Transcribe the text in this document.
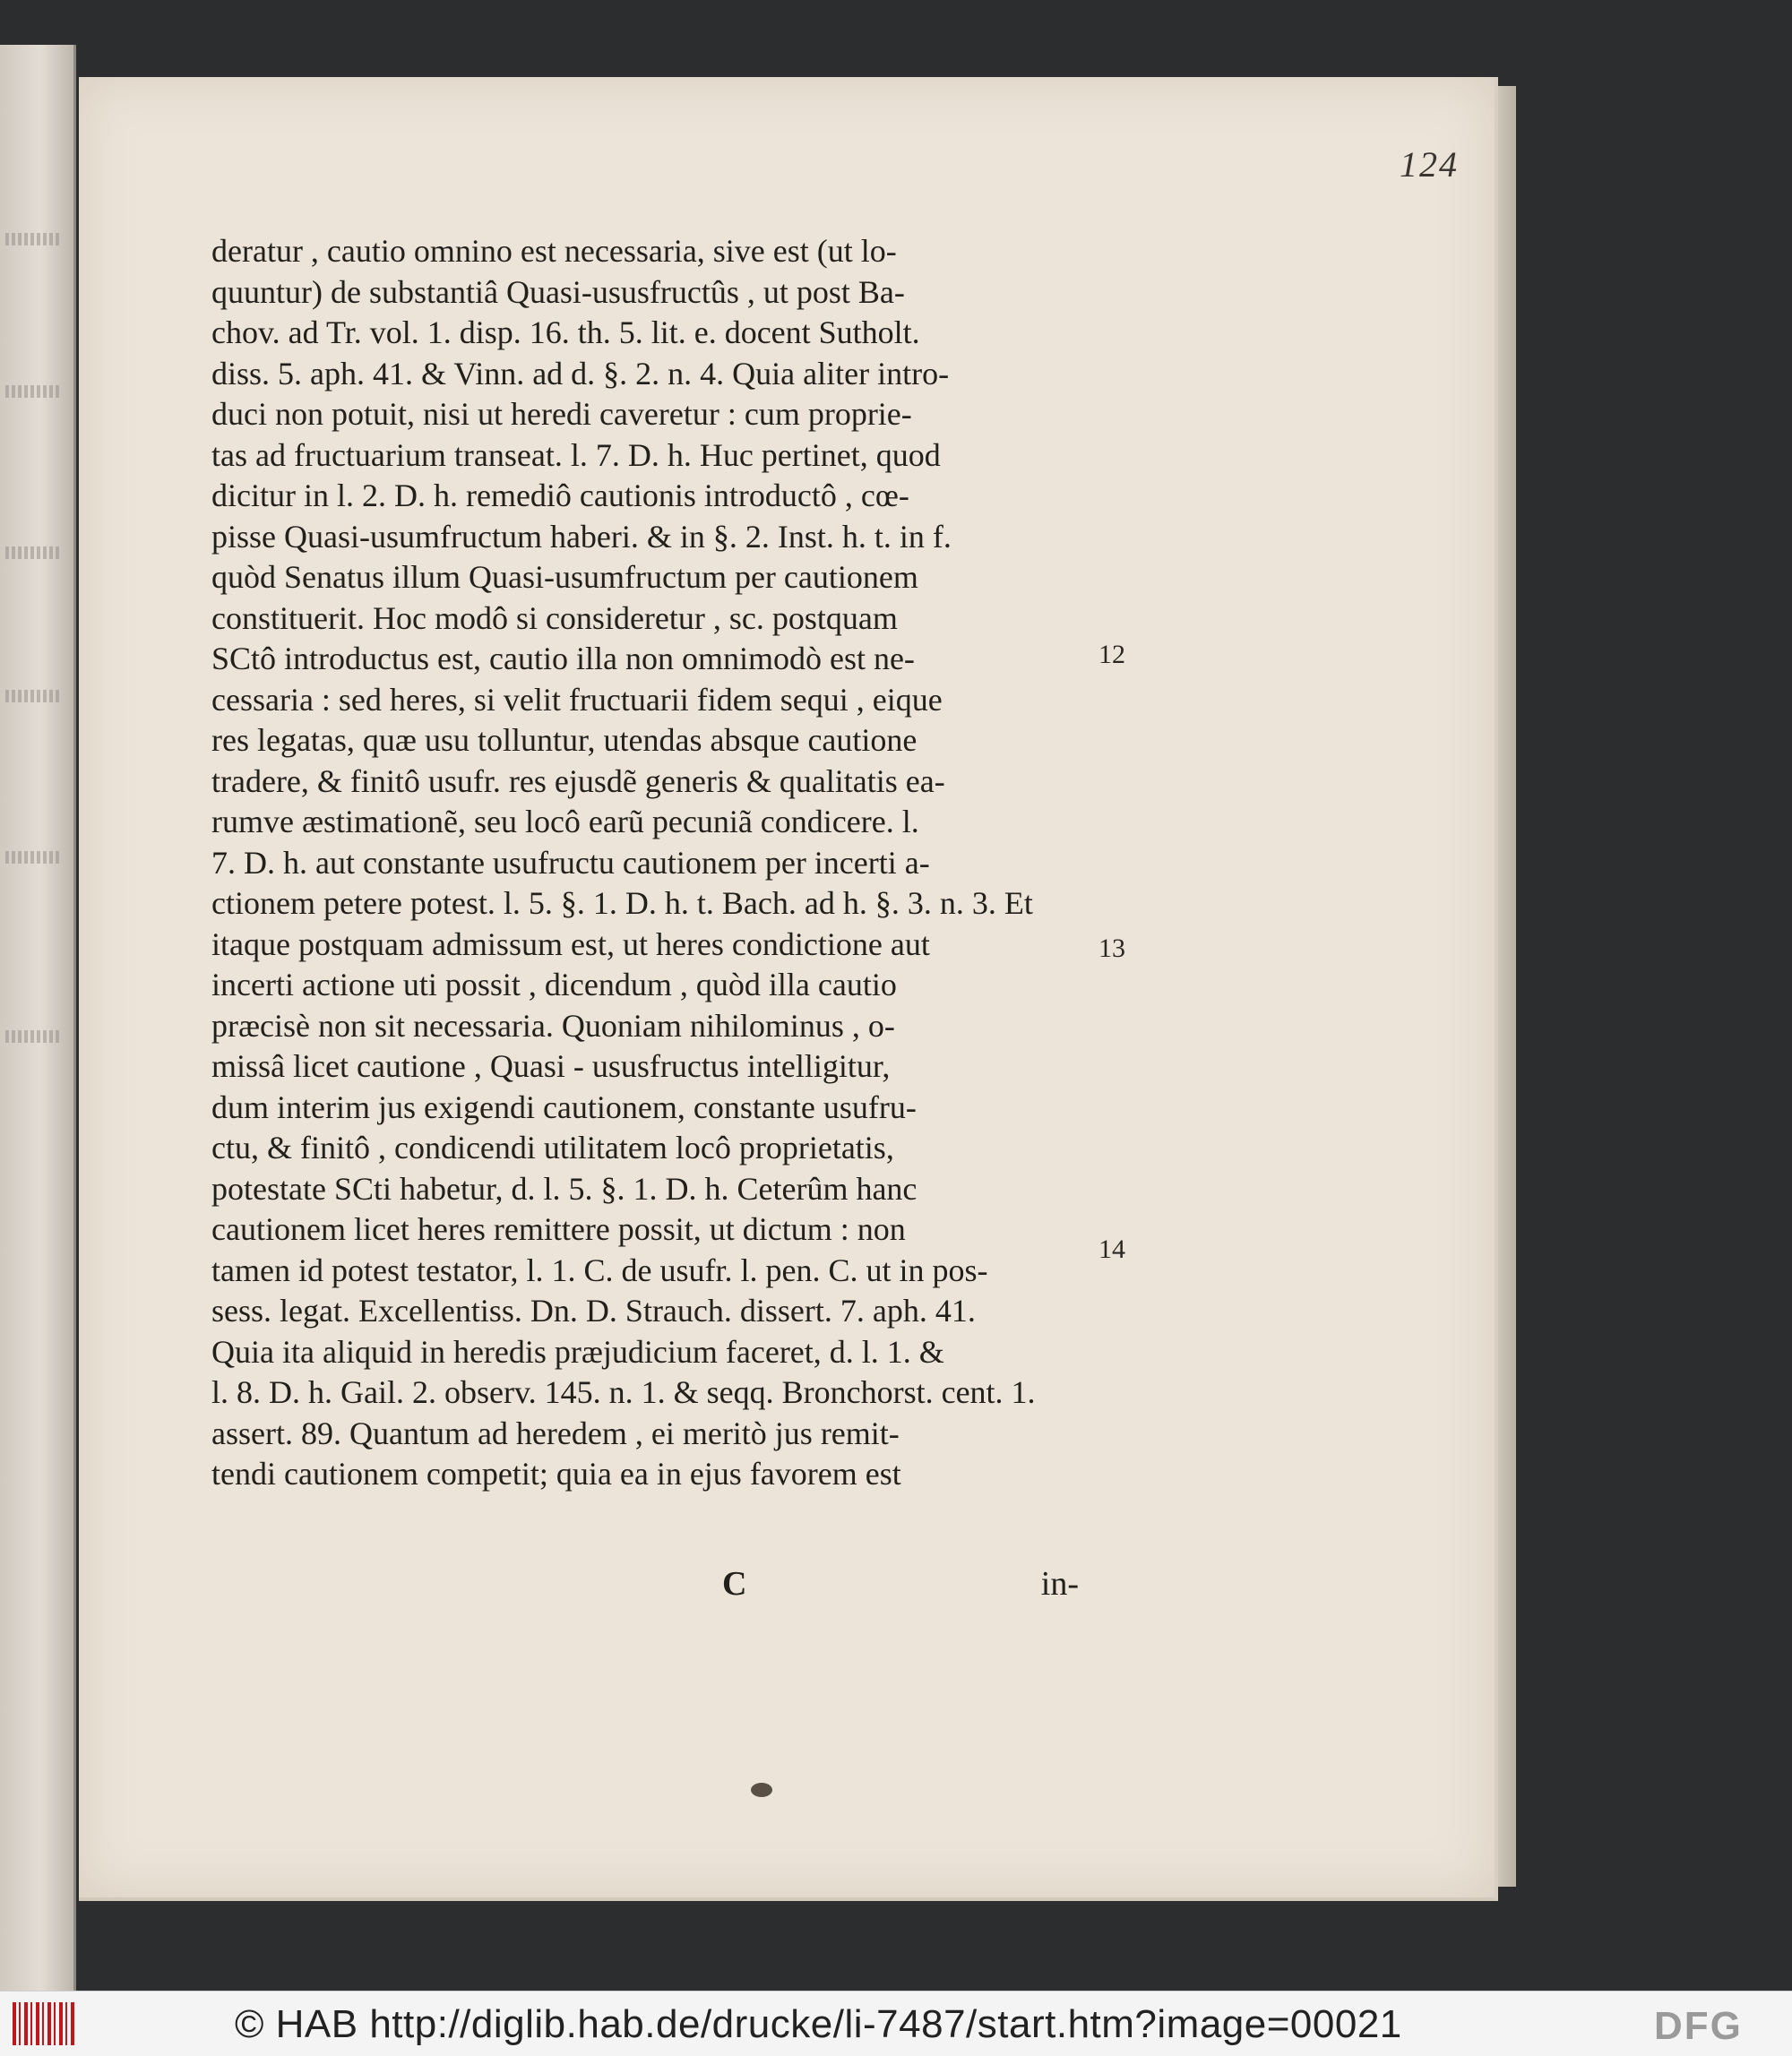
124
deratur , cautio omnino est necessaria, sive est (ut lo-
quuntur) de substantiâ Quasi-ususfructûs , ut post Ba-
chov. ad Tr. vol. 1. disp. 16. th. 5. lit. e. docent Sutholt.
diss. 5. aph. 41. & Vinn. ad d. §. 2. n. 4. Quia aliter intro-
duci non potuit, nisi ut heredi caveretur : cum proprie-
tas ad fructuarium transeat. l. 7. D. h. Huc pertinet, quod
dicitur in l. 2. D. h. remediô cautionis introductô , cœ-
pisse Quasi-usumfructum haberi. & in §. 2. Inst. h. t. in f.
quòd Senatus illum Quasi-usumfructum per cautionem
constituerit. Hoc modô si consideretur , sc. postquam
SCtô introductus est, cautio illa non omnimodò est ne-
cessaria : sed heres, si velit fructuarii fidem sequi , eique
res legatas, quæ usu tolluntur, utendas absque cautione
tradere, & finitô usufr. res ejusdẽ generis & qualitatis ea-
rumve æstimationẽ, seu locô earũ pecuniã condicere. l.
7. D. h. aut constante usufructu cautionem per incerti a-
ctionem petere potest. l. 5. §. 1. D. h. t. Bach. ad h. §. 3. n. 3. Et
itaque postquam admissum est, ut heres condictione aut
incerti actione uti possit , dicendum , quòd illa cautio
præcisè non sit necessaria. Quoniam nihilominus , o-
missâ licet cautione , Quasi - ususfructus intelligitur,
dum interim jus exigendi cautionem, constante usufru-
ctu, & finitô , condicendi utilitatem locô proprietatis,
potestate SCti habetur, d. l. 5. §. 1. D. h. Ceterûm hanc
cautionem licet heres remittere possit, ut dictum : non
tamen id potest testator, l. 1. C. de usufr. l. pen. C. ut in pos-
sess. legat. Excellentiss. Dn. D. Strauch. dissert. 7. aph. 41.
Quia ita aliquid in heredis præjudicium faceret, d. l. 1. &
l. 8. D. h. Gail. 2. observ. 145. n. 1. & seqq. Bronchorst. cent. 1.
assert. 89. Quantum ad heredem , ei meritò jus remit-
tendi cautionem competit; quia ea in ejus favorem est
12
13
14
C	in-
© HAB http://diglib.hab.de/drucke/li-7487/start.htm?image=00021	DFG
